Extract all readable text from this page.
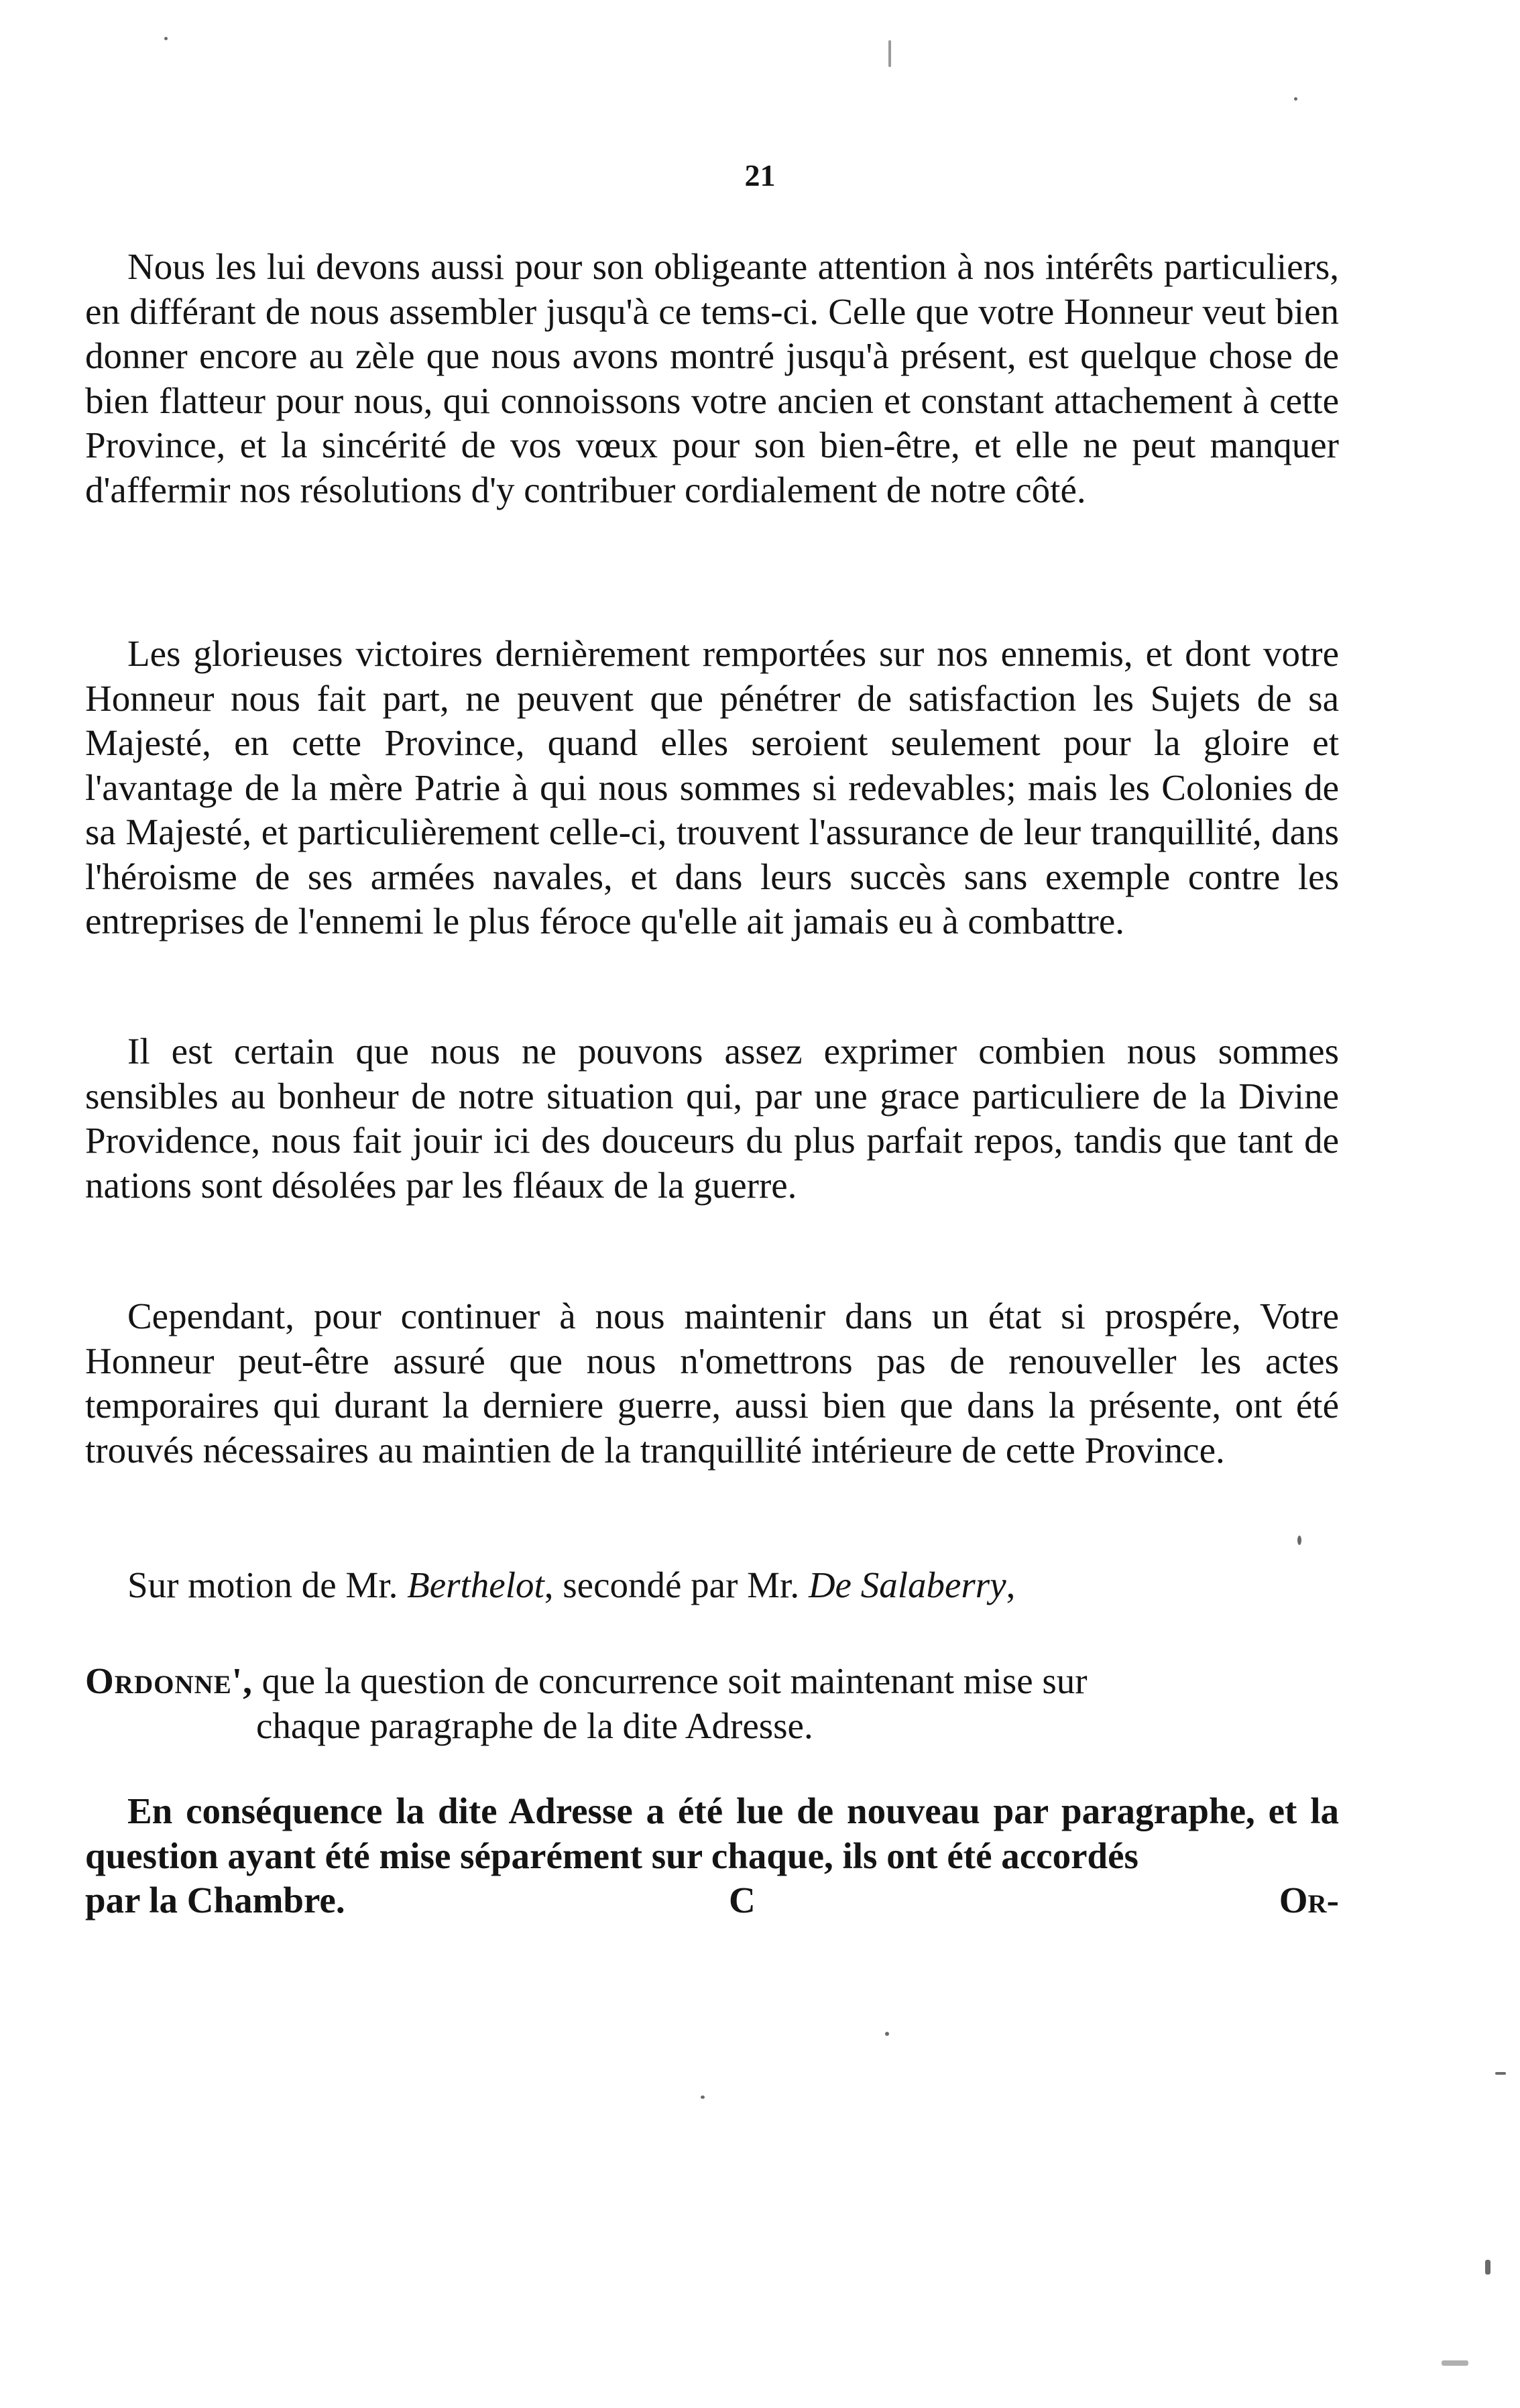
21

Nous les lui devons aussi pour son obligeante attention à nos intérêts particuliers, en différant de nous assembler jusqu'à ce tems-ci. Celle que votre Honneur veut bien donner encore au zèle que nous avons montré jusqu'à présent, est quelque chose de bien flatteur pour nous, qui connoissons votre ancien et constant attachement à cette Province, et la sincérité de vos vœux pour son bien-être, et elle ne peut manquer d'affermir nos résolutions d'y contribuer cordialement de notre côté.

Les glorieuses victoires dernièrement remportées sur nos ennemis, et dont votre Honneur nous fait part, ne peuvent que pénétrer de satisfaction les Sujets de sa Majesté, en cette Province, quand elles seroient seulement pour la gloire et l'avantage de la mère Patrie à qui nous sommes si redevables; mais les Colonies de sa Majesté, et particulièrement celle-ci, trouvent l'assurance de leur tranquillité, dans l'héroisme de ses armées navales, et dans leurs succès sans exemple contre les entreprises de l'ennemi le plus féroce qu'elle ait jamais eu à combattre.

Il est certain que nous ne pouvons assez exprimer combien nous sommes sensibles au bonheur de notre situation qui, par une grace particuliere de la Divine Providence, nous fait jouir ici des douceurs du plus parfait repos, tandis que tant de nations sont désolées par les fléaux de la guerre.

Cependant, pour continuer à nous maintenir dans un état si prospére, Votre Honneur peut-être assuré que nous n'omettrons pas de renouveller les actes temporaires qui durant la derniere guerre, aussi bien que dans la présente, ont été trouvés nécessaires au maintien de la tranquillité intérieure de cette Province.

Sur motion de Mr. Berthelot, secondé par Mr. De Salaberry,

Ordonne', que la question de concurrence soit maintenant mise sur
chaque paragraphe de la dite Adresse.

En conséquence la dite Adresse a été lue de nouveau par paragraphe, et la question ayant été mise séparément sur chaque, ils ont été accordés

par la Chambre.	C	Or-
